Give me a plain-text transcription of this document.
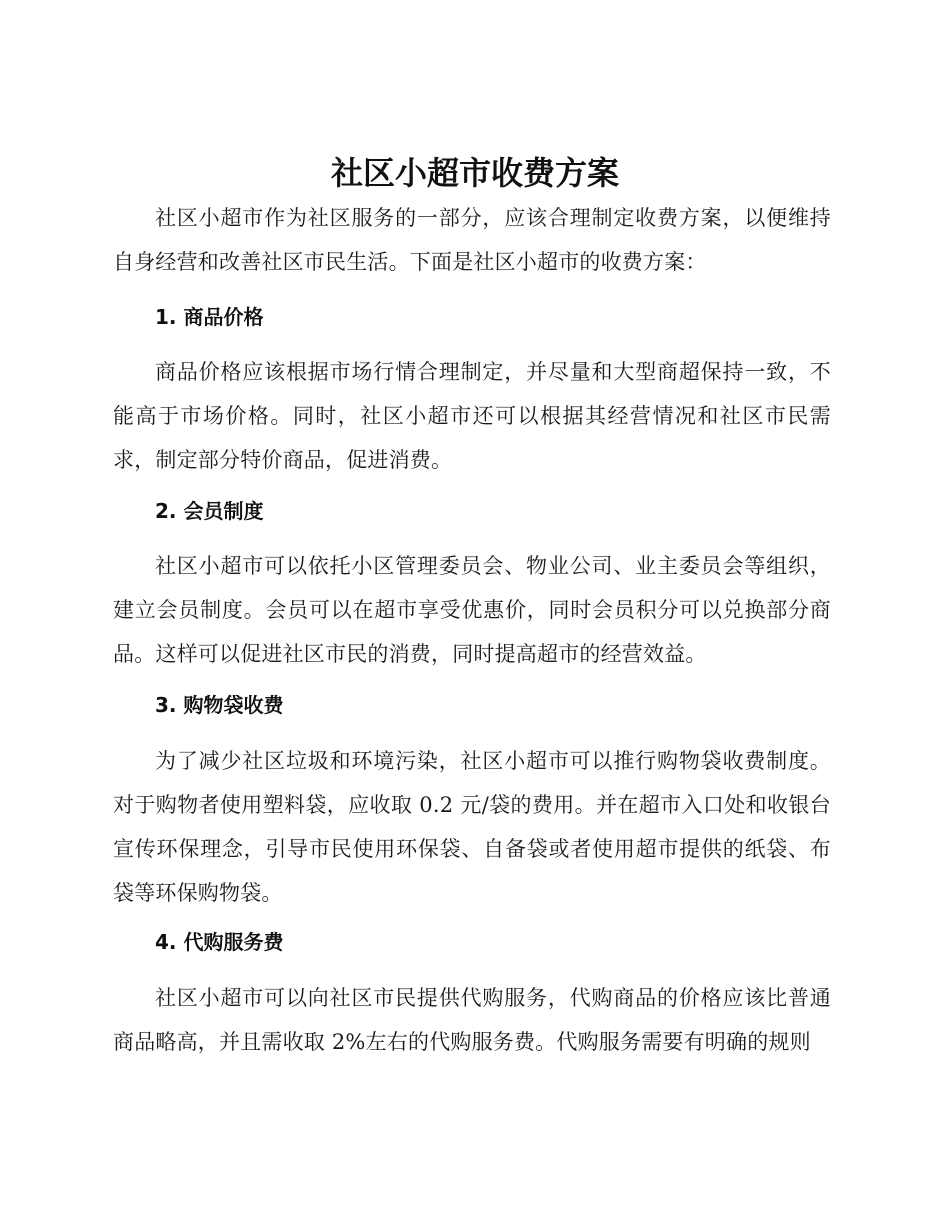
社区小超市收费方案

社区小超市作为社区服务的一部分，应该合理制定收费方案，以便维持自身经营和改善社区市民生活。下面是社区小超市的收费方案：

1. 商品价格

商品价格应该根据市场行情合理制定，并尽量和大型商超保持一致，不能高于市场价格。同时，社区小超市还可以根据其经营情况和社区市民需求，制定部分特价商品，促进消费。

2. 会员制度

社区小超市可以依托小区管理委员会、物业公司、业主委员会等组织，建立会员制度。会员可以在超市享受优惠价，同时会员积分可以兑换部分商品。这样可以促进社区市民的消费，同时提高超市的经营效益。

3. 购物袋收费

为了减少社区垃圾和环境污染，社区小超市可以推行购物袋收费制度。对于购物者使用塑料袋，应收取 0.2 元/袋的费用。并在超市入口处和收银台宣传环保理念，引导市民使用环保袋、自备袋或者使用超市提供的纸袋、布袋等环保购物袋。

4. 代购服务费

社区小超市可以向社区市民提供代购服务，代购商品的价格应该比普通商品略高，并且需收取 2%左右的代购服务费。代购服务需要有明确的规则
